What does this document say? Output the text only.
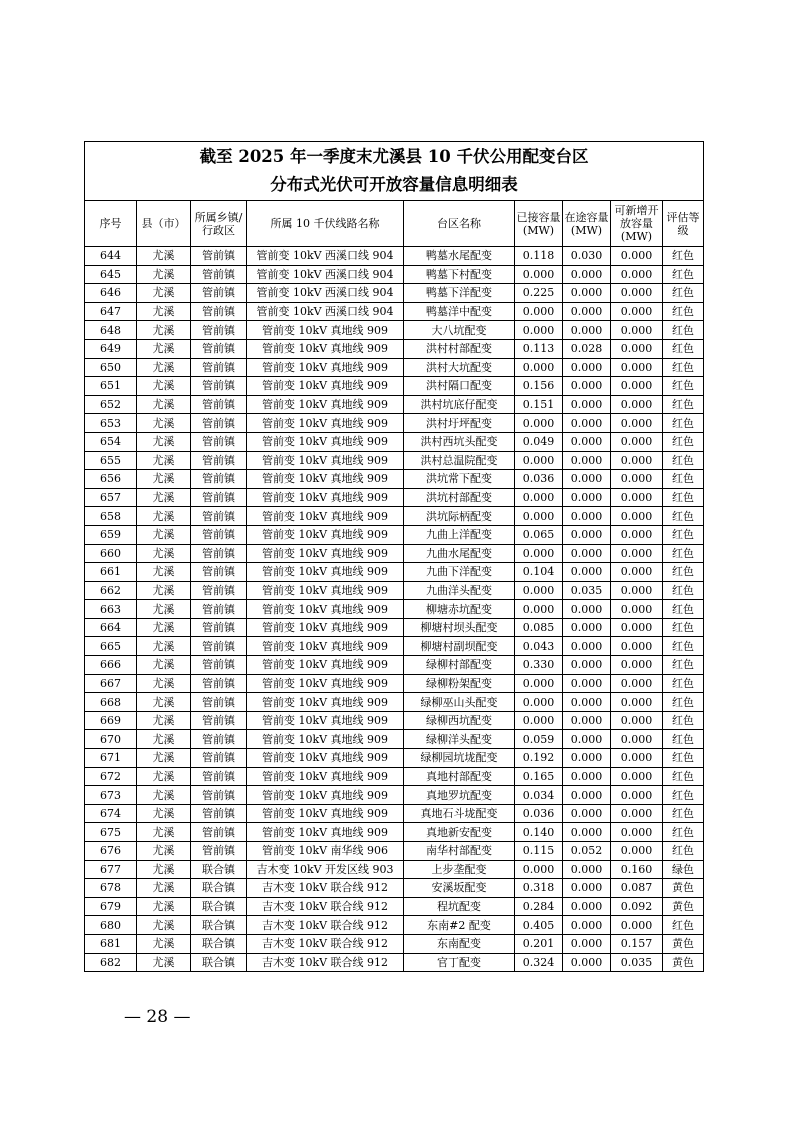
截至 2025 年一季度末尤溪县 10 千伏公用配变台区
分布式光伏可开放容量信息明细表								

序号	县（市）	所属乡镇/行政区	所属 10 千伏线路名称	台区名称	已接容量(MW)	在途容量(MW)	可新增开放容量(MW)	评估等级
644	尤溪	管前镇	管前变 10kV 西溪口线 904	鸭墓水尾配变	0.118	0.030	0.000	红色
645	尤溪	管前镇	管前变 10kV 西溪口线 904	鸭墓下村配变	0.000	0.000	0.000	红色
646	尤溪	管前镇	管前变 10kV 西溪口线 904	鸭墓下洋配变	0.225	0.000	0.000	红色
647	尤溪	管前镇	管前变 10kV 西溪口线 904	鸭墓洋中配变	0.000	0.000	0.000	红色
648	尤溪	管前镇	管前变 10kV 真地线 909	大八坑配变	0.000	0.000	0.000	红色
649	尤溪	管前镇	管前变 10kV 真地线 909	洪村村部配变	0.113	0.028	0.000	红色
650	尤溪	管前镇	管前变 10kV 真地线 909	洪村大坑配变	0.000	0.000	0.000	红色
651	尤溪	管前镇	管前变 10kV 真地线 909	洪村隔口配变	0.156	0.000	0.000	红色
652	尤溪	管前镇	管前变 10kV 真地线 909	洪村坑底仔配变	0.151	0.000	0.000	红色
653	尤溪	管前镇	管前变 10kV 真地线 909	洪村圩坪配变	0.000	0.000	0.000	红色
654	尤溪	管前镇	管前变 10kV 真地线 909	洪村西坑头配变	0.049	0.000	0.000	红色
655	尤溪	管前镇	管前变 10kV 真地线 909	洪村总温院配变	0.000	0.000	0.000	红色
656	尤溪	管前镇	管前变 10kV 真地线 909	洪坑常下配变	0.036	0.000	0.000	红色
657	尤溪	管前镇	管前变 10kV 真地线 909	洪坑村部配变	0.000	0.000	0.000	红色
658	尤溪	管前镇	管前变 10kV 真地线 909	洪坑际柄配变	0.000	0.000	0.000	红色
659	尤溪	管前镇	管前变 10kV 真地线 909	九曲上洋配变	0.065	0.000	0.000	红色
660	尤溪	管前镇	管前变 10kV 真地线 909	九曲水尾配变	0.000	0.000	0.000	红色
661	尤溪	管前镇	管前变 10kV 真地线 909	九曲下洋配变	0.104	0.000	0.000	红色
662	尤溪	管前镇	管前变 10kV 真地线 909	九曲洋头配变	0.000	0.035	0.000	红色
663	尤溪	管前镇	管前变 10kV 真地线 909	柳塘赤坑配变	0.000	0.000	0.000	红色
664	尤溪	管前镇	管前变 10kV 真地线 909	柳塘村坝头配变	0.085	0.000	0.000	红色
665	尤溪	管前镇	管前变 10kV 真地线 909	柳塘村副坝配变	0.043	0.000	0.000	红色
666	尤溪	管前镇	管前变 10kV 真地线 909	绿柳村部配变	0.330	0.000	0.000	红色
667	尤溪	管前镇	管前变 10kV 真地线 909	绿柳粉架配变	0.000	0.000	0.000	红色
668	尤溪	管前镇	管前变 10kV 真地线 909	绿柳巫山头配变	0.000	0.000	0.000	红色
669	尤溪	管前镇	管前变 10kV 真地线 909	绿柳西坑配变	0.000	0.000	0.000	红色
670	尤溪	管前镇	管前变 10kV 真地线 909	绿柳洋头配变	0.059	0.000	0.000	红色
671	尤溪	管前镇	管前变 10kV 真地线 909	绿柳园坑垅配变	0.192	0.000	0.000	红色
672	尤溪	管前镇	管前变 10kV 真地线 909	真地村部配变	0.165	0.000	0.000	红色
673	尤溪	管前镇	管前变 10kV 真地线 909	真地罗坑配变	0.034	0.000	0.000	红色
674	尤溪	管前镇	管前变 10kV 真地线 909	真地石斗垅配变	0.036	0.000	0.000	红色
675	尤溪	管前镇	管前变 10kV 真地线 909	真地新安配变	0.140	0.000	0.000	红色
676	尤溪	管前镇	管前变 10kV 南华线 906	南华村部配变	0.115	0.052	0.000	红色
677	尤溪	联合镇	吉木变 10kV 开发区线 903	上步垄配变	0.000	0.000	0.160	绿色
678	尤溪	联合镇	吉木变 10kV 联合线 912	安溪坂配变	0.318	0.000	0.087	黄色
679	尤溪	联合镇	吉木变 10kV 联合线 912	程坑配变	0.284	0.000	0.092	黄色
680	尤溪	联合镇	吉木变 10kV 联合线 912	东南#2 配变	0.405	0.000	0.000	红色
681	尤溪	联合镇	吉木变 10kV 联合线 912	东南配变	0.201	0.000	0.157	黄色
682	尤溪	联合镇	吉木变 10kV 联合线 912	官丁配变	0.324	0.000	0.035	黄色
— 28 —
